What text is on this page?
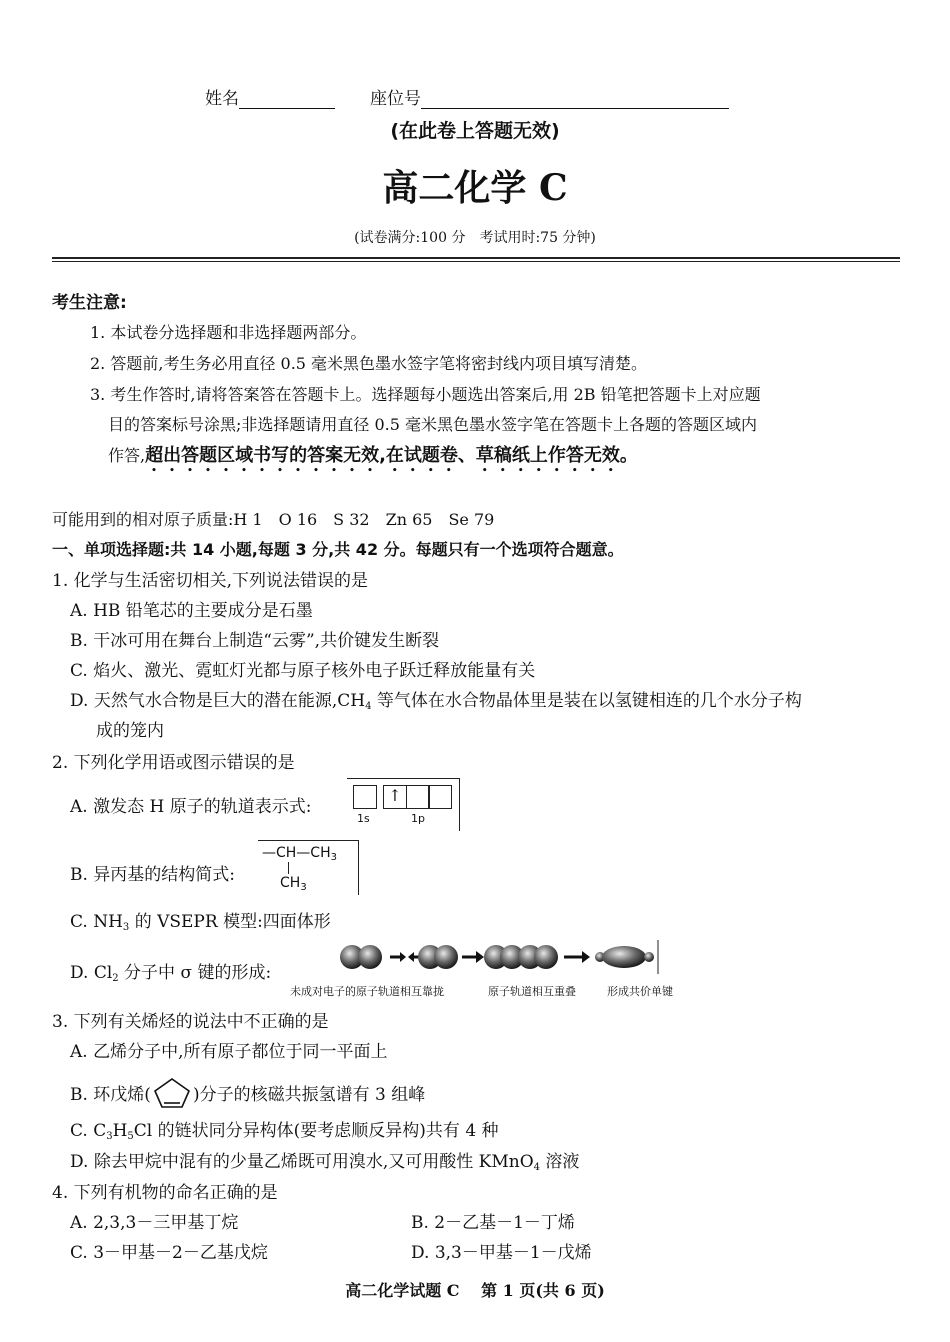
姓名	座位号
(在此卷上答题无效)
高二化学 C
(试卷满分:100 分　考试用时:75 分钟)
考生注意:
1. 本试卷分选择题和非选择题两部分。
2. 答题前,考生务必用直径 0.5 毫米黑色墨水签字笔将密封线内项目填写清楚。
3. 考生作答时,请将答案答在答题卡上。选择题每小题选出答案后,用 2B 铅笔把答题卡上对应题
目的答案标号涂黑;非选择题请用直径 0.5 毫米黑色墨水签字笔在答题卡上各题的答题区域内
作答,超出答题区域书写的答案无效,在试题卷、草稿纸上作答无效。
可能用到的相对原子质量:H 1　O 16　S 32　Zn 65　Se 79
一、单项选择题:共 14 小题,每题 3 分,共 42 分。每题只有一个选项符合题意。
1. 化学与生活密切相关,下列说法错误的是
A. HB 铅笔芯的主要成分是石墨
B. 干冰可用在舞台上制造“云雾”,共价键发生断裂
C. 焰火、激光、霓虹灯光都与原子核外电子跃迁释放能量有关
D. 天然气水合物是巨大的潜在能源$,CH_4$ 等气体在水合物晶体里是装在以氢键相连的几个水分子构
成的笼内
2. 下列化学用语或图示错误的是
A. 激发态 H 原子的轨道表示式:
↑
1s	1p
B. 异丙基的结构简式:
$—CH—CH_3$
$CH_3$
C. $NH_3$ 的 VSEPR 模型:四面体形
D. $Cl_2$ 分子中 σ 键的形成:
未成对电子的原子轨道相互靠拢	原子轨道相互重叠	形成共价单键
3. 下列有关烯烃的说法中不正确的是
A. 乙烯分子中,所有原子都位于同一平面上
B. 环戊烯( )分子的核磁共振氢谱有 3 组峰
C. $C_3H_5Cl$ 的链状同分异构体(要考虑顺反异构)共有 4 种
D. 除去甲烷中混有的少量乙烯既可用溴水,又可用酸性 KMnO$_4$ 溶液
4. 下列有机物的命名正确的是
A. 2,3,3－三甲基丁烷	B. 2－乙基－1－丁烯
C. 3－甲基－2－乙基戊烷	D. 3,3－甲基－1－戊烯
高二化学试题 C　 第 1 页(共 6 页)
